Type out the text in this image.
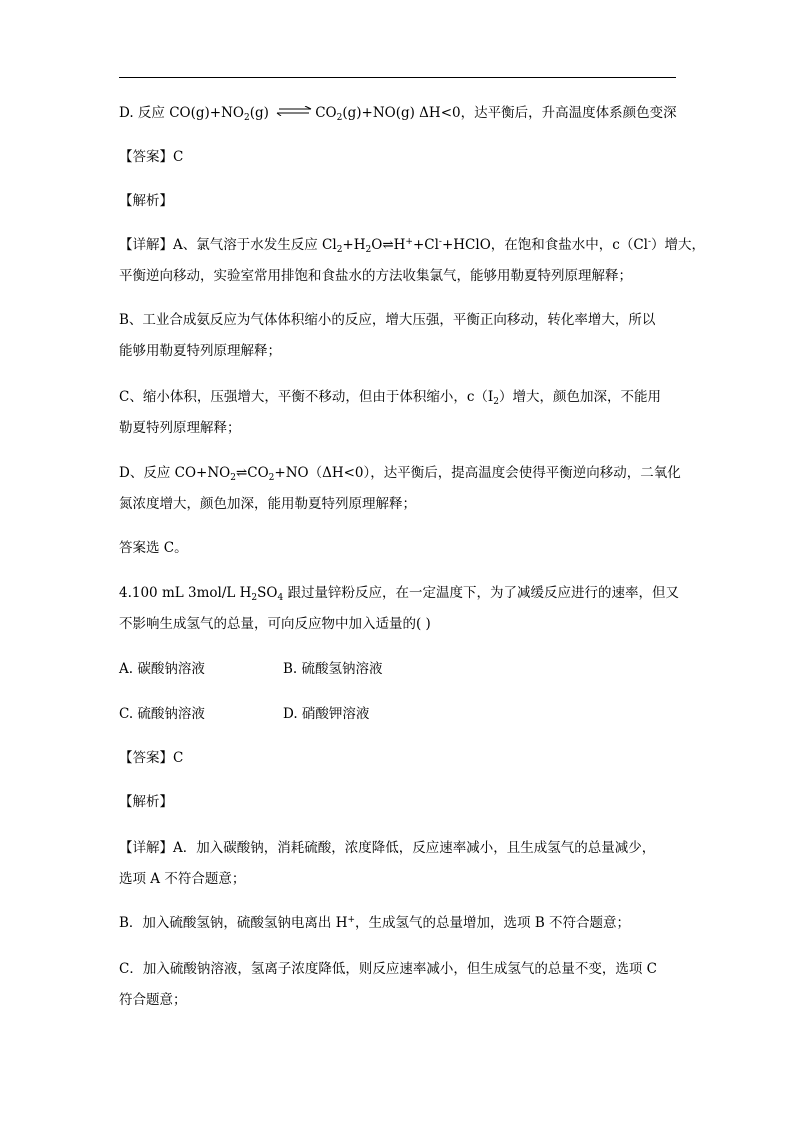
D. 反应 $CO(g)+NO_2(g)$ ⇌ $CO_2(g)+NO(g)$ ΔH<0，达平衡后，升高温度体系颜色变深
【答案】C
【解析】
【详解】A、氯气溶于水发生反应 $Cl_2+H_2O\rightleftharpoons H^++Cl^-+HClO$，在饱和食盐水中，c（Cl-）增大，
平衡逆向移动，实验室常用排饱和食盐水的方法收集氯气，能够用勒夏特列原理解释；
B、工业合成氨反应为气体体积缩小的反应，增大压强，平衡正向移动，转化率增大，所以
能够用勒夏特列原理解释；
C、缩小体积，压强增大，平衡不移动，但由于体积缩小，$c(I_2)$增大，颜色加深，不能用
勒夏特列原理解释；
D、反应 $CO+NO_2\rightleftharpoons CO_2+NO(\Delta H<0)$，达平衡后，提高温度会使得平衡逆向移动，二氧化
氮浓度增大，颜色加深，能用勒夏特列原理解释；
答案选 C。
4.100 mL 3mol/L $H_2SO_4$ 跟过量锌粉反应，在一定温度下，为了减缓反应进行的速率，但又
不影响生成氢气的总量，可向反应物中加入适量的( )
A. 碳酸钠溶液	B. 硫酸氢钠溶液
C. 硫酸钠溶液	D. 硝酸钾溶液
【答案】C
【解析】
【详解】A．加入碳酸钠，消耗硫酸，浓度降低，反应速率减小，且生成氢气的总量减少，
选项 A 不符合题意；
B．加入硫酸氢钠，硫酸氢钠电离出 H+，生成氢气的总量增加，选项 B 不符合题意；
C．加入硫酸钠溶液，氢离子浓度降低，则反应速率减小，但生成氢气的总量不变，选项 C
符合题意；
